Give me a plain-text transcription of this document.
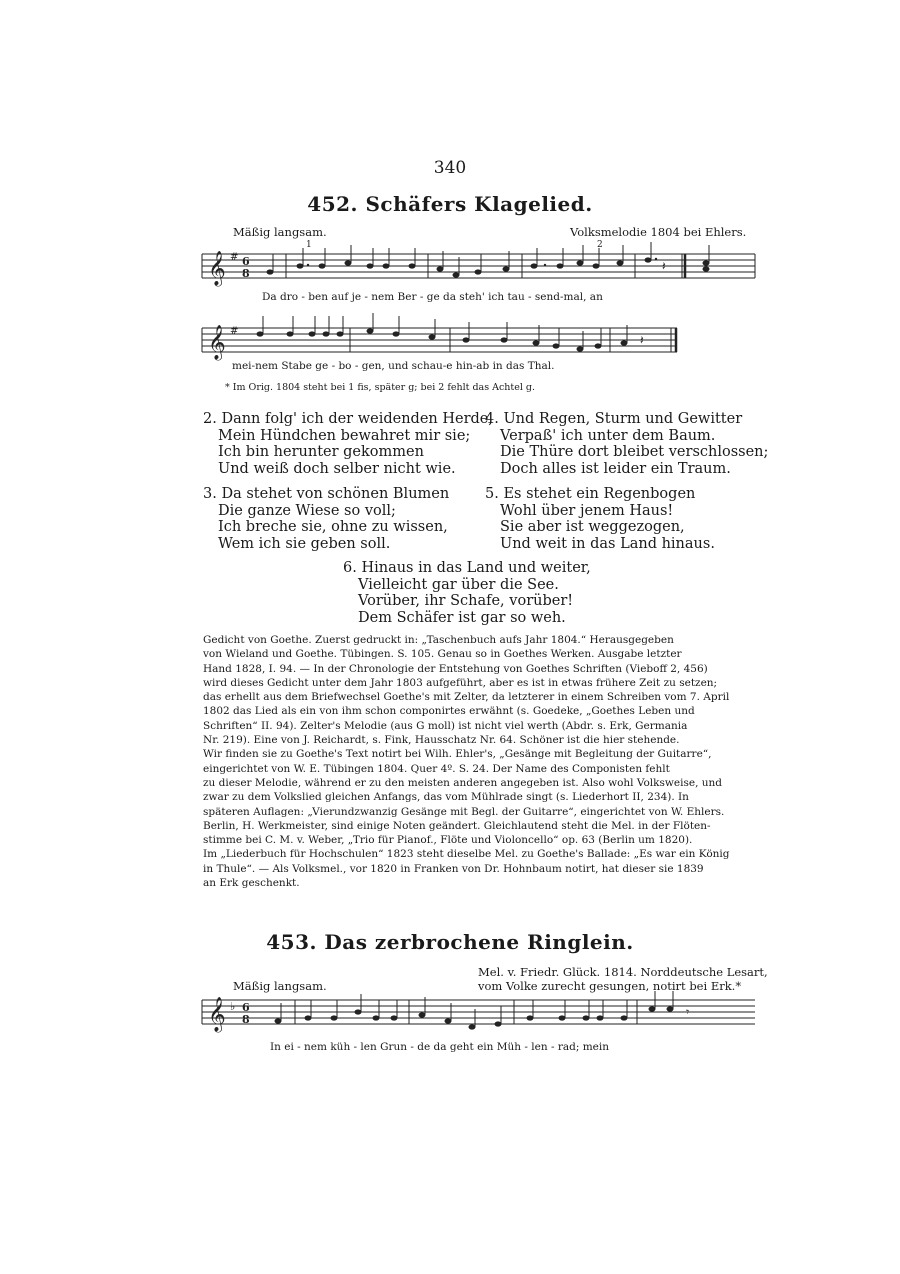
340
452. Schäfers Klagelied.
Mäßig langsam.	Volksmelodie 1804 bei Ehlers.
𝄞 # 6
8
1	2
𝄽
Da dro - ben auf je - nem Ber - ge da steh' ich tau - send-mal, an
𝄞 #
𝄽
mei-nem Stabe ge - bo - gen, und schau-e hin-ab in das Thal.
* Im Orig. 1804 steht bei 1 fis, später g; bei 2 fehlt das Achtel g.
2. Dann folg' ich der weidenden Herde,
Mein Hündchen bewahret mir sie;
Ich bin herunter gekommen
Und weiß doch selber nicht wie.
4. Und Regen, Sturm und Gewitter
Verpaß' ich unter dem Baum.
Die Thüre dort bleibet verschlossen;
Doch alles ist leider ein Traum.
3. Da stehet von schönen Blumen
Die ganze Wiese so voll;
Ich breche sie, ohne zu wissen,
Wem ich sie geben soll.
5. Es stehet ein Regenbogen
Wohl über jenem Haus!
Sie aber ist weggezogen,
Und weit in das Land hinaus.
6. Hinaus in das Land und weiter,
Vielleicht gar über die See.
Vorüber, ihr Schafe, vorüber!
Dem Schäfer ist gar so weh.
Gedicht von Goethe. Zuerst gedruckt in: „Taschenbuch aufs Jahr 1804.“ Herausgegeben
von Wieland und Goethe. Tübingen. S. 105. Genau so in Goethes Werken. Ausgabe letzter
Hand 1828, I. 94. — In der Chronologie der Entstehung von Goethes Schriften (Vieboff 2, 456)
wird dieses Gedicht unter dem Jahr 1803 aufgeführt, aber es ist in etwas frühere Zeit zu setzen;
das erhellt aus dem Briefwechsel Goethe's mit Zelter, da letzterer in einem Schreiben vom 7. April
1802 das Lied als ein von ihm schon componirtes erwähnt (s. Goedeke, „Goethes Leben und
Schriften“ II. 94). Zelter's Melodie (aus G moll) ist nicht viel werth (Abdr. s. Erk, Germania
Nr. 219). Eine von J. Reichardt, s. Fink, Hausschatz Nr. 64. Schöner ist die hier stehende.
Wir finden sie zu Goethe's Text notirt bei Wilh. Ehler's, „Gesänge mit Begleitung der Guitarre“,
eingerichtet von W. E. Tübingen 1804. Quer 4º. S. 24. Der Name des Componisten fehlt
zu dieser Melodie, während er zu den meisten anderen angegeben ist. Also wohl Volksweise, und
zwar zu dem Volkslied gleichen Anfangs, das vom Mühlrade singt (s. Liederhort II, 234). In
späteren Auflagen: „Vierundzwanzig Gesänge mit Begl. der Guitarre“, eingerichtet von W. Ehlers.
Berlin, H. Werkmeister, sind einige Noten geändert. Gleichlautend steht die Mel. in der Flöten-
stimme bei C. M. v. Weber, „Trio für Pianof., Flöte und Violoncello“ op. 63 (Berlin um 1820).
Im „Liederbuch für Hochschulen“ 1823 steht dieselbe Mel. zu Goethe's Ballade: „Es war ein König
in Thule“. — Als Volksmel., vor 1820 in Franken von Dr. Hohnbaum notirt, hat dieser sie 1839
an Erk geschenkt.
453. Das zerbrochene Ringlein.
Mäßig langsam.
Mel. v. Friedr. Glück. 1814. Norddeutsche Lesart,
vom Volke zurecht gesungen, notirt bei Erk.*
𝄞 ♭ 6
8
𝄾
In ei - nem küh - len Grun - de da geht ein Müh - len - rad; mein
